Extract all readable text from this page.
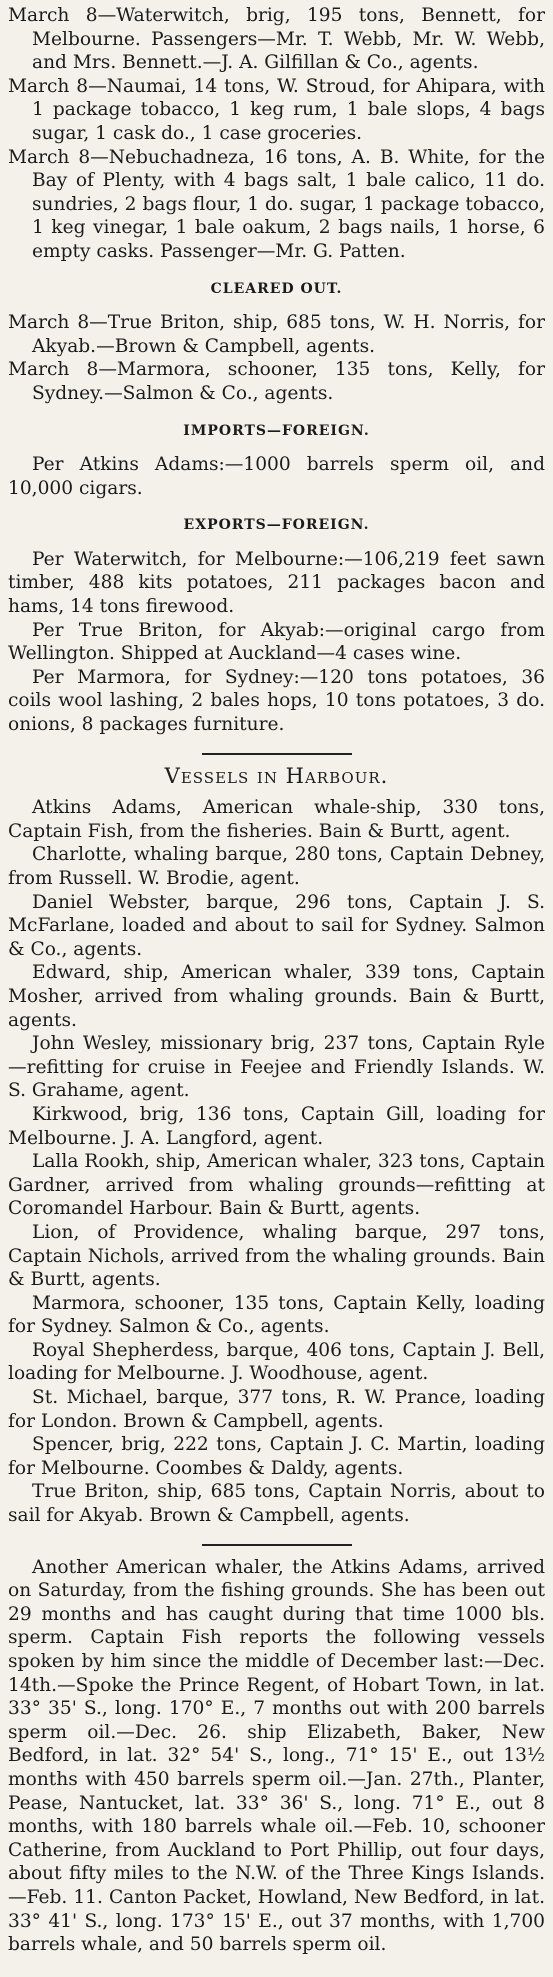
March 8—Waterwitch, brig, 195 tons, Bennett, for Melbourne. Passengers—Mr. T. Webb, Mr. W. Webb, and Mrs. Bennett.—J. A. Gilfillan & Co., agents.

March 8—Naumai, 14 tons, W. Stroud, for Ahipara, with 1 package tobacco, 1 keg rum, 1 bale slops, 4 bags sugar, 1 cask do., 1 case groceries.

March 8—Nebuchadneza, 16 tons, A. B. White, for the Bay of Plenty, with 4 bags salt, 1 bale calico, 11 do. sundries, 2 bags flour, 1 do. sugar, 1 package tobacco, 1 keg vinegar, 1 bale oakum, 2 bags nails, 1 horse, 6 empty casks. Passenger—Mr. G. Patten.

CLEARED OUT.

March 8—True Briton, ship, 685 tons, W. H. Norris, for Akyab.—Brown & Campbell, agents.

March 8—Marmora, schooner, 135 tons, Kelly, for Sydney.—Salmon & Co., agents.

IMPORTS—FOREIGN.

Per Atkins Adams:—1000 barrels sperm oil, and 10,000 cigars.

EXPORTS—FOREIGN.

Per Waterwitch, for Melbourne:—106,219 feet sawn timber, 488 kits potatoes, 211 packages bacon and hams, 14 tons firewood.

Per True Briton, for Akyab:—original cargo from Wellington. Shipped at Auckland—4 cases wine.

Per Marmora, for Sydney:—120 tons potatoes, 36 coils wool lashing, 2 bales hops, 10 tons potatoes, 3 do. onions, 8 packages furniture.

Vessels in Harbour.

Atkins Adams, American whale-ship, 330 tons, Captain Fish, from the fisheries. Bain & Burtt, agent.

Charlotte, whaling barque, 280 tons, Captain Debney, from Russell. W. Brodie, agent.

Daniel Webster, barque, 296 tons, Captain J. S. McFarlane, loaded and about to sail for Sydney. Salmon & Co., agents.

Edward, ship, American whaler, 339 tons, Captain Mosher, arrived from whaling grounds. Bain & Burtt, agents.

John Wesley, missionary brig, 237 tons, Captain Ryle—refitting for cruise in Feejee and Friendly Islands. W. S. Grahame, agent.

Kirkwood, brig, 136 tons, Captain Gill, loading for Melbourne. J. A. Langford, agent.

Lalla Rookh, ship, American whaler, 323 tons, Captain Gardner, arrived from whaling grounds—refitting at Coromandel Harbour. Bain & Burtt, agents.

Lion, of Providence, whaling barque, 297 tons, Captain Nichols, arrived from the whaling grounds. Bain & Burtt, agents.

Marmora, schooner, 135 tons, Captain Kelly, loading for Sydney. Salmon & Co., agents.

Royal Shepherdess, barque, 406 tons, Captain J. Bell, loading for Melbourne. J. Woodhouse, agent.

St. Michael, barque, 377 tons, R. W. Prance, loading for London. Brown & Campbell, agents.

Spencer, brig, 222 tons, Captain J. C. Martin, loading for Melbourne. Coombes & Daldy, agents.

True Briton, ship, 685 tons, Captain Norris, about to sail for Akyab. Brown & Campbell, agents.

Another American whaler, the Atkins Adams, arrived on Saturday, from the fishing grounds. She has been out 29 months and has caught during that time 1000 bls. sperm. Captain Fish reports the following vessels spoken by him since the middle of December last:—Dec. 14th.—Spoke the Prince Regent, of Hobart Town, in lat. 33° 35' S., long. 170° E., 7 months out with 200 barrels sperm oil.—Dec. 26. ship Elizabeth, Baker, New Bedford, in lat. 32° 54' S., long., 71° 15' E., out 13½ months with 450 barrels sperm oil.—Jan. 27th., Planter, Pease, Nantucket, lat. 33° 36' S., long. 71° E., out 8 months, with 180 barrels whale oil.—Feb. 10, schooner Catherine, from Auckland to Port Phillip, out four days, about fifty miles to the N.W. of the Three Kings Islands.—Feb. 11. Canton Packet, Howland, New Bedford, in lat. 33° 41' S., long. 173° 15' E., out 37 months, with 1,700 barrels whale, and 50 barrels sperm oil.
